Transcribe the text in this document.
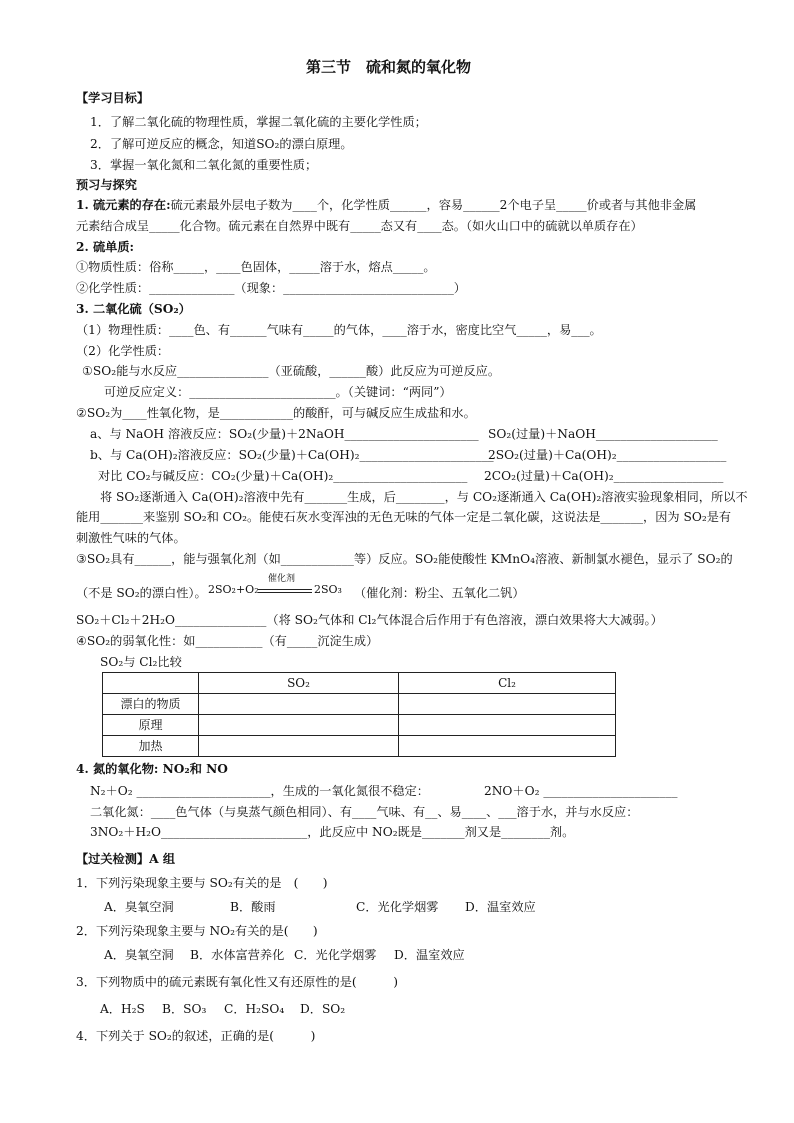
第三节　硫和氮的氧化物
【学习目标】
1．了解二氧化硫的物理性质，掌握二氧化硫的主要化学性质；
2．了解可逆反应的概念，知道SO₂的漂白原理。
3．掌握一氧化氮和二氧化氮的重要性质；
预习与探究
1. 硫元素的存在:硫元素最外层电子数为____个，化学性质______，容易______2个电子呈_____价或者与其他非金属
元素结合成呈_____化合物。硫元素在自然界中既有_____态又有____态。（如火山口中的硫就以单质存在）
2. 硫单质:
①物质性质：俗称_____，____色固体，_____溶于水，熔点_____。
②化学性质：______________（现象：____________________________）
3. 二氧化硫（SO₂）
（1）物理性质：____色、有______气味有_____的气体，____溶于水，密度比空气_____，易___。
（2）化学性质：
①SO₂能与水反应_______________（亚硫酸，______酸）此反应为可逆反应。
可逆反应定义：________________________。（关键词：“两同”）
②SO₂为____性氧化物，是____________的酸酐，可与碱反应生成盐和水。
a、与 NaOH 溶液反应：SO₂(少量)＋2NaOH______________________ SO₂(过量)＋NaOH____________________
b、与 Ca(OH)₂溶液反应：SO₂(少量)＋Ca(OH)₂______________________
2SO₂(过量)＋Ca(OH)₂__________________
对比 CO₂与碱反应：CO₂(少量)＋Ca(OH)₂______________________ 2CO₂(过量)＋Ca(OH)₂__________________
将 SO₂逐渐通入 Ca(OH)₂溶液中先有_______生成，后________，与 CO₂逐渐通入 Ca(OH)₂溶液实验现象相同，所以不
能用_______来鉴别 SO₂和 CO₂。能使石灰水变浑浊的无色无味的气体一定是二氧化碳，这说法是_______，因为 SO₂是有
刺激性气味的气体。
③SO₂具有______，能与强氧化剂（如____________等）反应。SO₂能使酸性 KMnO₄溶液、新制氯水褪色，显示了 SO₂的
（不是 SO₂的漂白性）。 2SO₂+O₂
催化剂
2SO₃ （催化剂：粉尘、五氧化二钒）
SO₂＋Cl₂＋2H₂O_______________（将 SO₂气体和 Cl₂气体混合后作用于有色溶液，漂白效果将大大减弱。）
④SO₂的弱氧化性：如___________（有_____沉淀生成）
SO₂与 Cl₂比较
	SO₂	Cl₂
漂白的物质		
原理		
加热		
4. 氮的氧化物: NO₂和 NO
N₂＋O₂ ______________________，生成的一氧化氮很不稳定：	2NO＋O₂ ______________________
二氧化氮：____色气体（与臭蒸气颜色相同）、有____气味、有__、易____、___溶于水，并与水反应：
3NO₂＋H₂O________________________，此反应中 NO₂既是_______剂又是________剂。
【过关检测】A 组
1．下列污染现象主要与 SO₂有关的是　(　　)
A．臭氧空洞	B．酸雨	C．光化学烟雾 D．温室效应
2．下列污染现象主要与 NO₂有关的是(　　)
A．臭氧空洞 B．水体富营养化 C．光化学烟雾 D．温室效应
3．下列物质中的硫元素既有氧化性又有还原性的是(　　　)
A．H₂S B．SO₃ C．H₂SO₄ D．SO₂
4．下列关于 SO₂的叙述，正确的是(　　　)
